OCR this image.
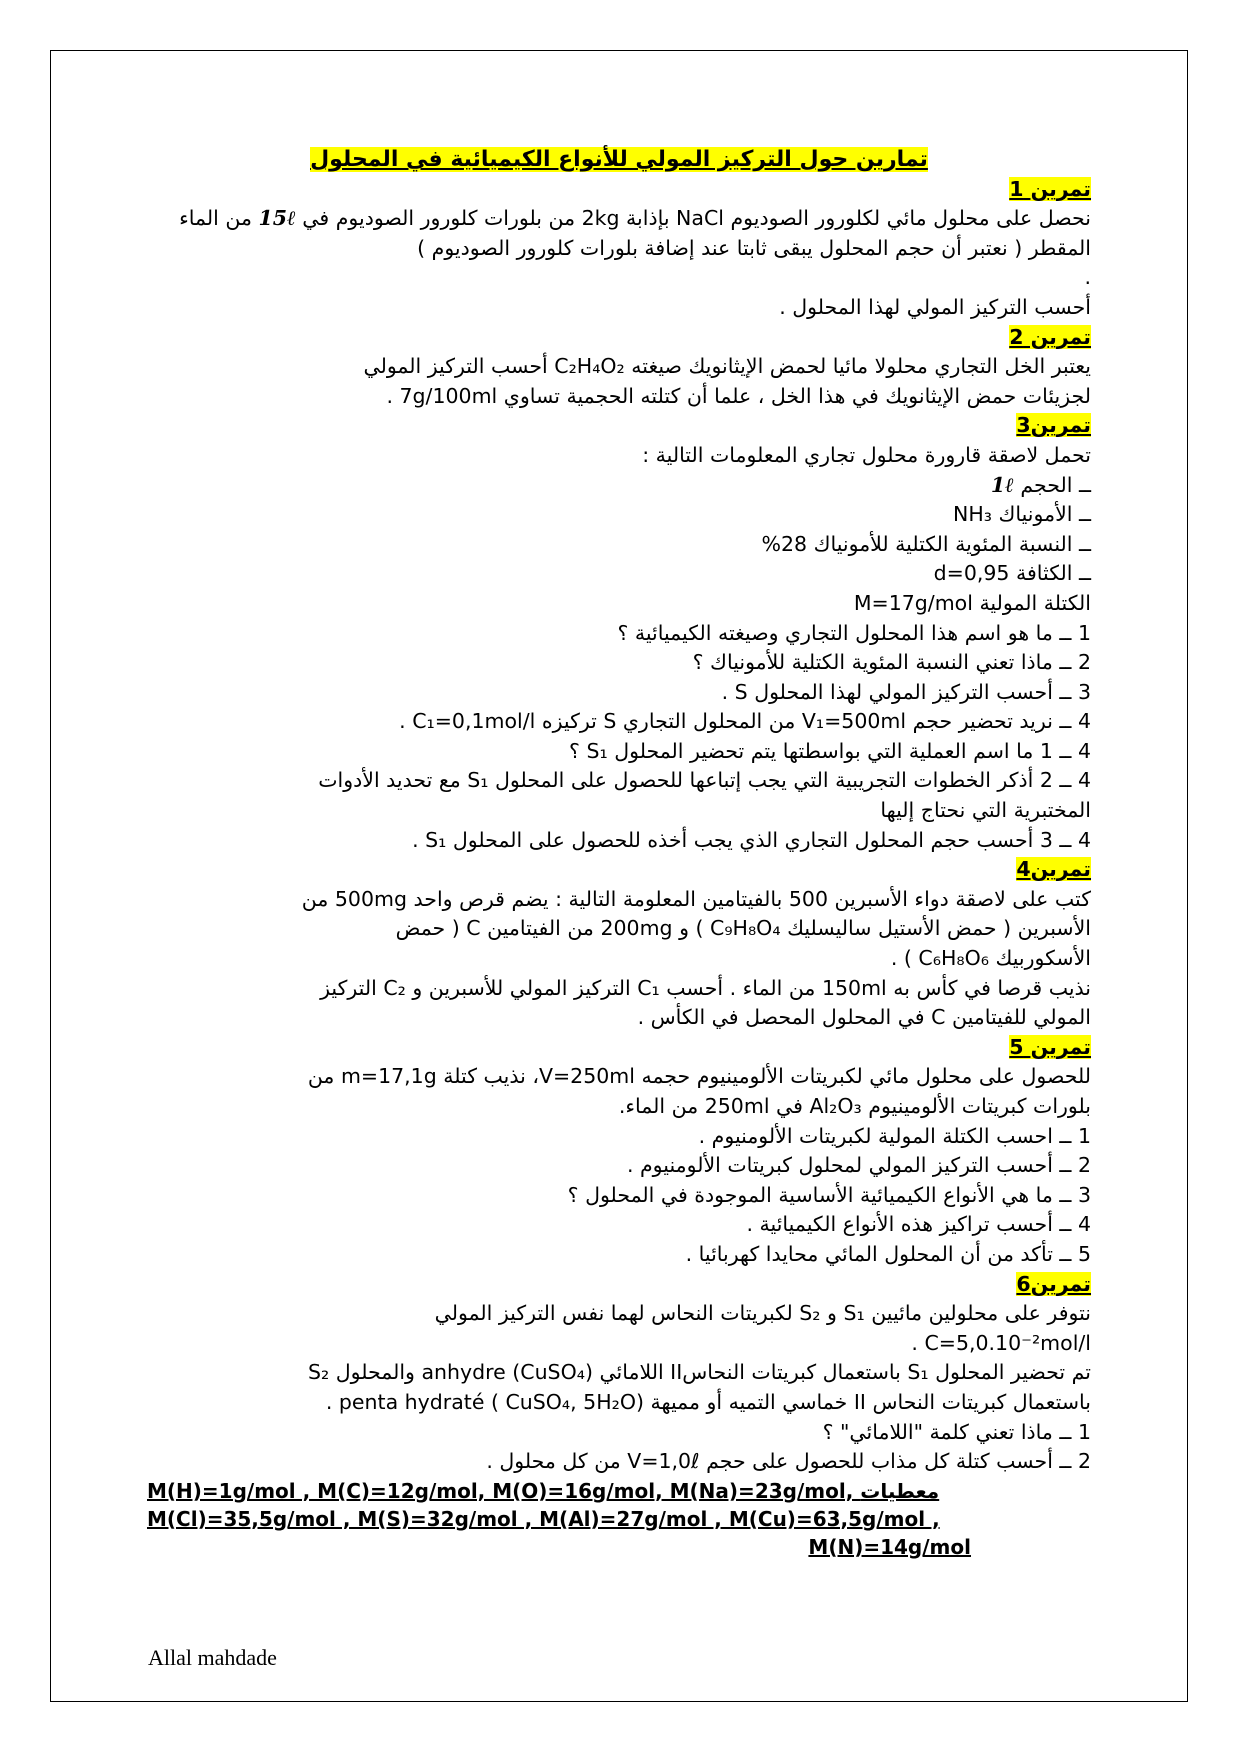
تمارين حول التركيز المولي للأنواع الكيميائية في المحلول

تمرين 1

نحصل على محلول مائي لكلورور الصوديوم NaCl بإذابة 2kg من بلورات كلورور الصوديوم في 15ℓ من الماء المقطر ( نعتبر أن حجم المحلول يبقى ثابتا عند إضافة بلورات كلورور الصوديوم )

.

أحسب التركيز المولي لهذا المحلول .

تمرين 2

يعتبر الخل التجاري محلولا مائيا لحمض الإيثانويك صيغته C₂H₄O₂ أحسب التركيز المولي

لجزيئات حمض الإيثانويك في هذا الخل ، علما أن كتلته الحجمية تساوي 7g/100ml .

تمرين3

تحمل لاصقة قارورة محلول تجاري المعلومات التالية :

ــ الحجم 1ℓ

ــ الأمونياك NH₃

ــ النسبة المئوية الكتلية للأمونياك 28%

ــ الكثافة d=0,95

الكتلة المولية M=17g/mol

1 ــ ما هو اسم هذا المحلول التجاري وصيغته الكيميائية ؟

2 ــ ماذا تعني النسبة المئوية الكتلية للأمونياك ؟

3 ــ أحسب التركيز المولي لهذا المحلول S .

4 ــ نريد تحضير حجم V₁=500ml من المحلول التجاري S تركيزه C₁=0,1mol/l .

4 ــ 1 ما اسم العملية التي بواسطتها يتم تحضير المحلول S₁ ؟

4 ــ 2 أذكر الخطوات التجريبية التي يجب إتباعها للحصول على المحلول S₁ مع تحديد الأدوات

المختبرية التي نحتاج إليها

4 ــ 3 أحسب حجم المحلول التجاري الذي يجب أخذه للحصول على المحلول S₁ .

تمرين4

كتب على لاصقة دواء الأسبرين 500 بالفيتامين المعلومة التالية : يضم قرص واحد 500mg من

الأسبرين ( حمض الأستيل ساليسليك C₉H₈O₄ ) و 200mg من الفيتامين C ( حمض

الأسكوربيك C₆H₈O₆ ) .

نذيب قرصا في كأس به 150ml من الماء . أحسب C₁ التركيز المولي للأسبرين و C₂ التركيز

المولي للفيتامين C في المحلول المحصل في الكأس .

تمرين 5

للحصول على محلول مائي لكبريتات الألومينيوم حجمه V=250ml، نذيب كتلة m=17,1g من

بلورات كبريتات الألومينيوم Al₂O₃ في 250ml من الماء.

1 ــ احسب الكتلة المولية لكبريتات الألومنيوم .

2 ــ أحسب التركيز المولي لمحلول كبريتات الألومنيوم .

3 ــ ما هي الأنواع الكيميائية الأساسية الموجودة في المحلول ؟

4 ــ أحسب تراكيز هذه الأنواع الكيميائية .

5 ــ تأكد من أن المحلول المائي محايدا كهربائيا .

تمرين6

نتوفر على محلولين مائيين S₁ و S₂ لكبريتات النحاس لهما نفس التركيز المولي

C=5,0.10⁻²mol/l .

تم تحضير المحلول S₁ باستعمال كبريتات النحاسII اللامائي (CuSO₄) anhydre والمحلول S₂

باستعمال كبريتات النحاس II خماسي التميه أو مميهة (CuSO₄, 5H₂O ) penta hydraté .

1 ــ ماذا تعني كلمة "اللامائي" ؟

2 ــ أحسب كتلة كل مذاب للحصول على حجم V=1,0ℓ من كل محلول .

M(H)=1g/mol , M(C)=12g/mol, M(O)=16g/mol, M(Na)=23g/mol, معطيات

M(Cl)=35,5g/mol , M(S)=32g/mol , M(Al)=27g/mol , M(Cu)=63,5g/mol ,

M(N)=14g/mol

Allal mahdade
